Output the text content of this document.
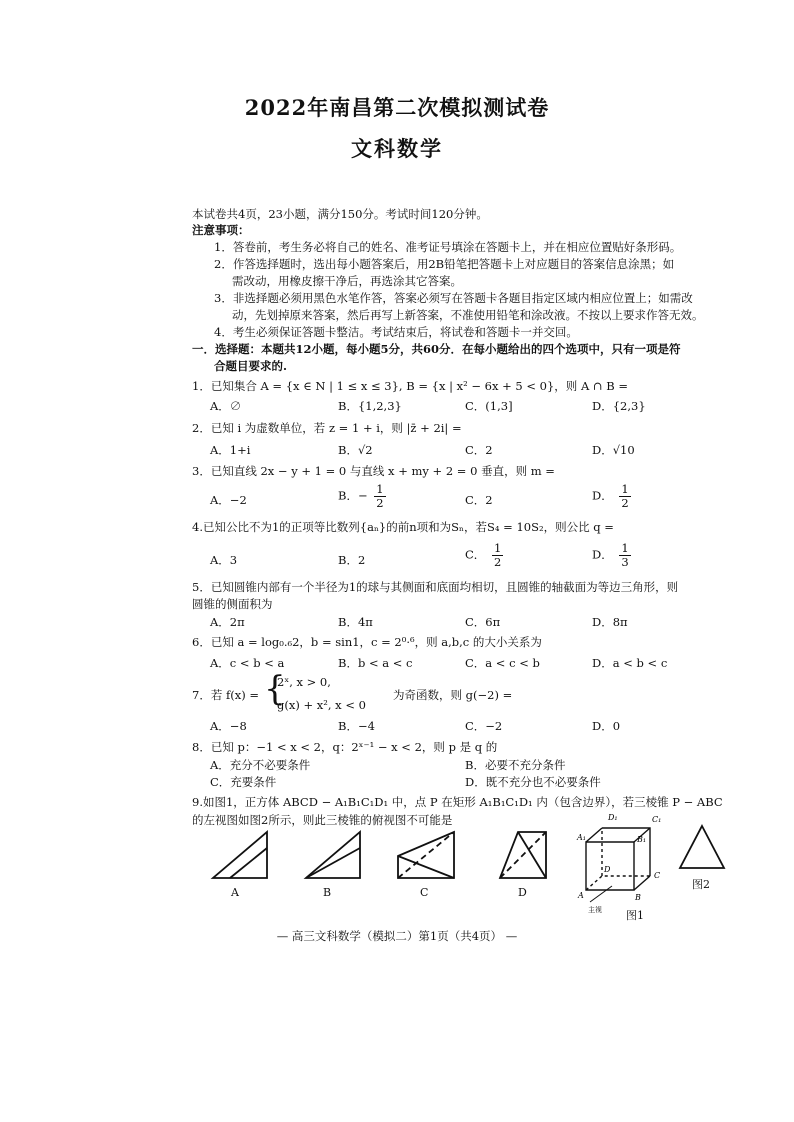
2022年南昌第二次模拟测试卷
文科数学
本试卷共4页，23小题，满分150分。考试时间120分钟。
注意事项：
1．答卷前，考生务必将自己的姓名、准考证号填涂在答题卡上，并在相应位置贴好条形码。
2．作答选择题时，选出每小题答案后，用2B铅笔把答题卡上对应题目的答案信息涂黑；如
需改动，用橡皮擦干净后，再选涂其它答案。
3．非选择题必须用黑色水笔作答，答案必须写在答题卡各题目指定区域内相应位置上；如需改
动，先划掉原来答案，然后再写上新答案，不准使用铅笔和涂改液。不按以上要求作答无效。
4．考生必须保证答题卡整洁。考试结束后，将试卷和答题卡一并交回。
一．选择题：本题共12小题，每小题5分，共60分．在每小题给出的四个选项中，只有一项是符
合题目要求的.
1．已知集合 A = {x ∈ N | 1 ≤ x ≤ 3}, B = {x | x² − 6x + 5 < 0}，则 A ∩ B =
A．∅	B．{1,2,3}	C．(1,3]	D．{2,3}
2．已知 i 为虚数单位，若 z = 1 + i，则 |z̄ + 2i| =
A．1+i	B．√2	C．2	D．√10
3．已知直线 2x − y + 1 = 0 与直线 x + my + 2 = 0 垂直，则 m =
A．−2	B．− $\frac{1}{2}$	C．2	D． $\frac{1}{2}$
4.已知公比不为1的正项等比数列{aₙ}的前n项和为Sₙ，若S₄ = 10S₂，则公比 q =
A．3	B．2	C． $\frac{1}{2}$	D． $\frac{1}{3}$
5．已知圆锥内部有一个半径为1的球与其侧面和底面均相切，且圆锥的轴截面为等边三角形，则
圆锥的侧面积为
A．2π	B．4π	C．6π	D．8π
6．已知 a = log₀.₆2，b = sin1，c = 2⁰·⁶，则 a,b,c 的大小关系为
A．c < b < a	B．b < a < c	C．a < c < b	D．a < b < c
7．若 f(x) = {
2ˣ, x > 0,
g(x) + x², x < 0
为奇函数，则 g(−2) =
A．−8	B．−4	C．−2	D．0
8．已知 p：−1 < x < 2，q：2ˣ⁻¹ − x < 2，则 p 是 q 的
A．充分不必要条件	B．必要不充分条件
C．充要条件	D．既不充分也不必要条件
9.如图1，正方体 ABCD − A₁B₁C₁D₁ 中，点 P 在矩形 A₁B₁C₁D₁ 内（包含边界），若三棱锥 P − ABC
的左视图如图2所示，则此三棱锥的俯视图不可能是
A	B	C	D
D₁	C₁
A₁	B₁
D
C
A	B
主视 图1
图2
— 高三文科数学（模拟二）第1页（共4页） —
